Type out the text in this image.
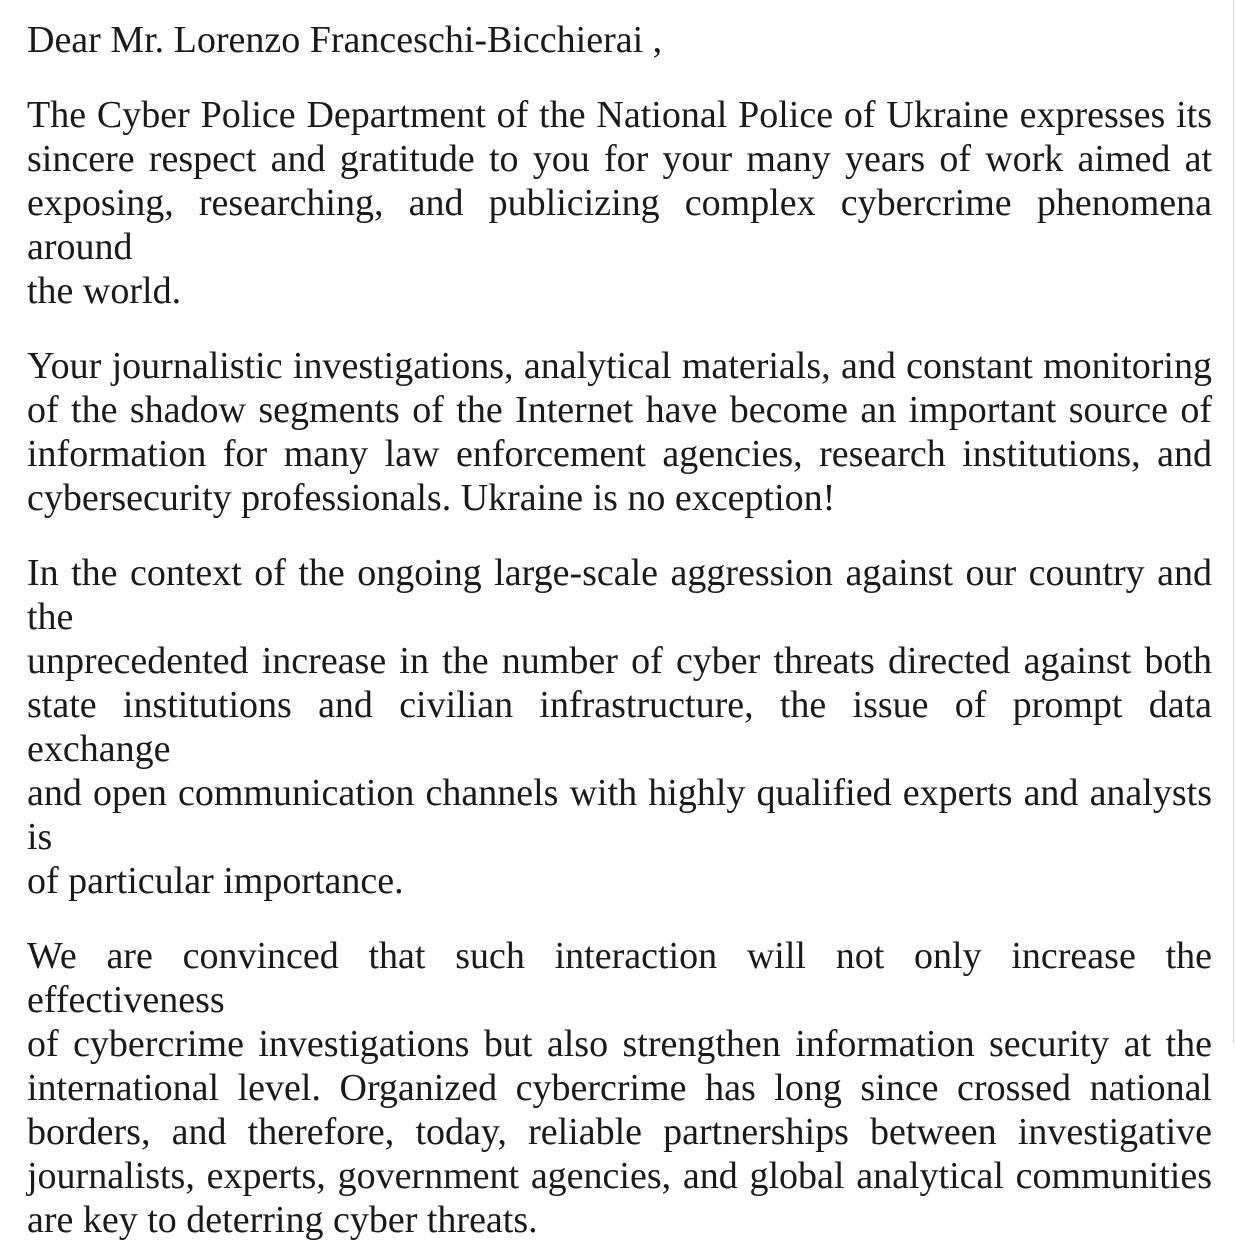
Dear Mr. Lorenzo Franceschi-Bicchierai ,
The Cyber Police Department of the National Police of Ukraine expresses its
sincere respect and gratitude to you for your many years of work aimed at
exposing, researching, and publicizing complex cybercrime phenomena around
the world.
Your journalistic investigations, analytical materials, and constant monitoring
of the shadow segments of the Internet have become an important source of
information for many law enforcement agencies, research institutions, and
cybersecurity professionals. Ukraine is no exception!
In the context of the ongoing large-scale aggression against our country and the
unprecedented increase in the number of cyber threats directed against both
state institutions and civilian infrastructure, the issue of prompt data exchange
and open communication channels with highly qualified experts and analysts is
of particular importance.
We are convinced that such interaction will not only increase the effectiveness
of cybercrime investigations but also strengthen information security at the
international level. Organized cybercrime has long since crossed national
borders, and therefore, today, reliable partnerships between investigative
journalists, experts, government agencies, and global analytical communities
are key to deterring cyber threats.
